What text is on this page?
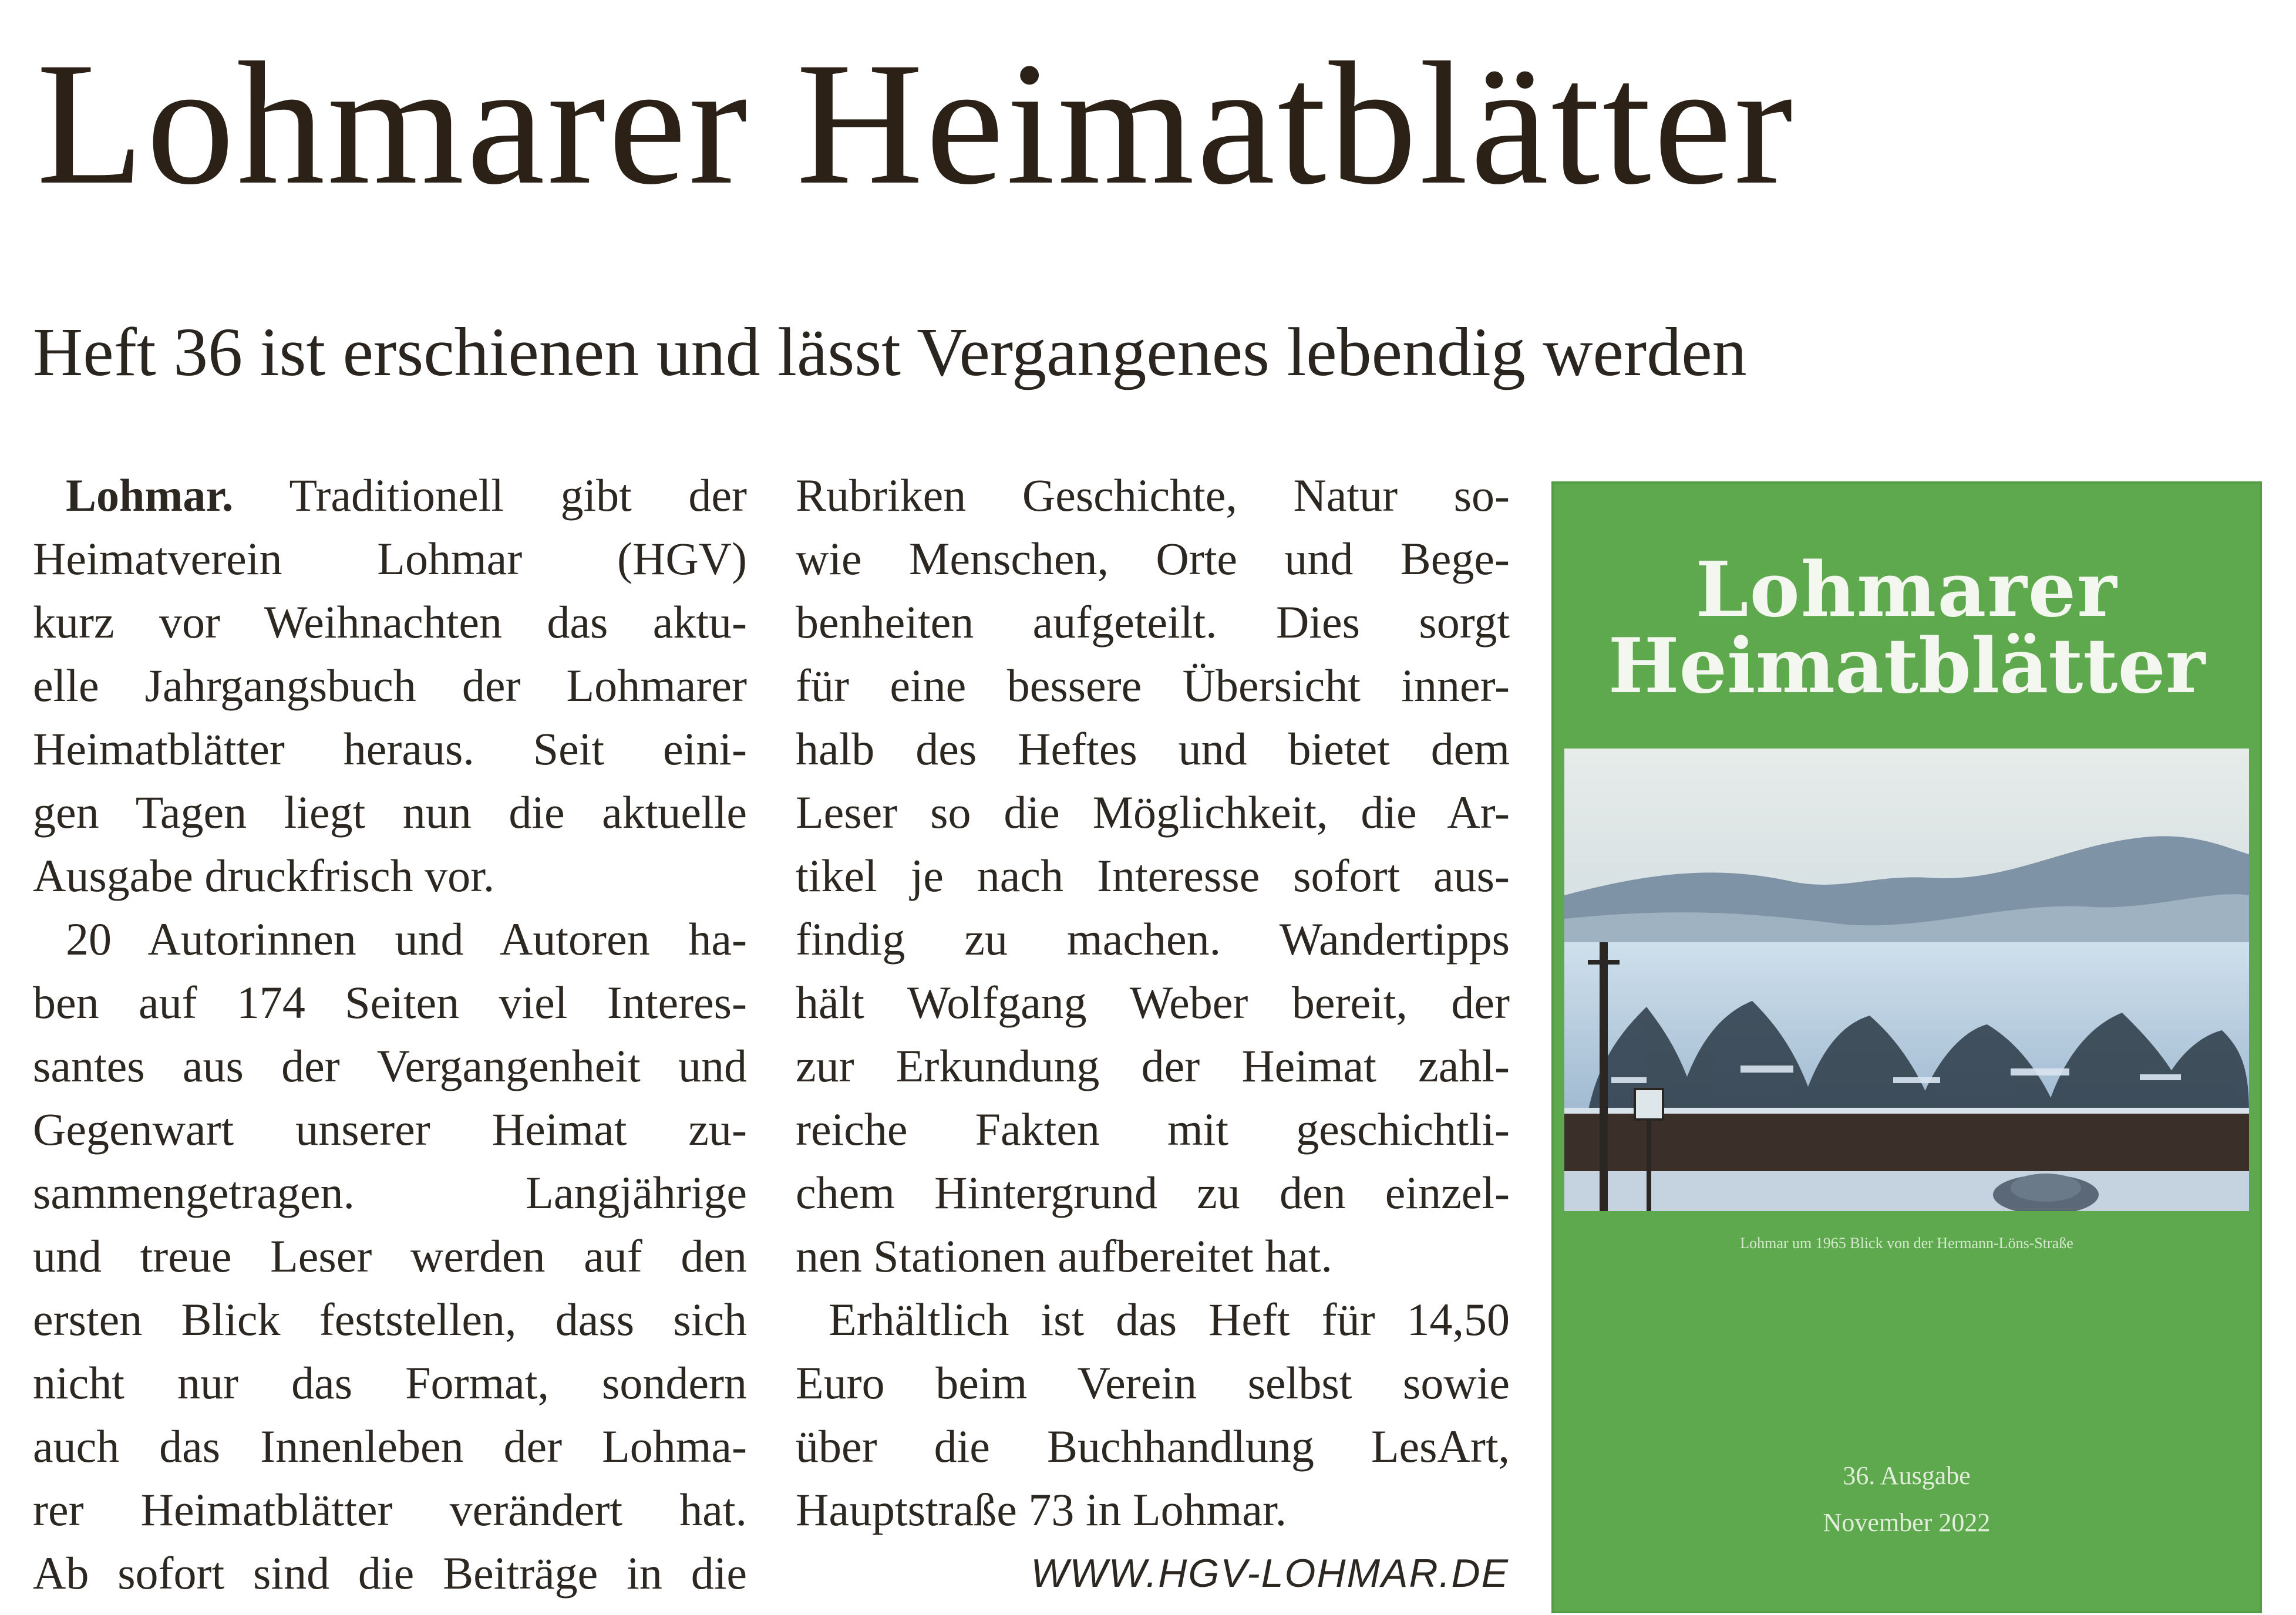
Lohmarer Heimatblätter
Heft 36 ist erschienen und lässt Vergangenes lebendig werden
Lohmar. Traditionell gibt der
Heimatverein Lohmar (HGV)
kurz vor Weihnachten das aktu-
elle Jahrgangsbuch der Lohmarer
Heimatblätter heraus. Seit eini-
gen Tagen liegt nun die aktuelle
Ausgabe druckfrisch vor.
20 Autorinnen und Autoren ha-
ben auf 174 Seiten viel Interes-
santes aus der Vergangenheit und
Gegenwart unserer Heimat zu-
sammengetragen. Langjährige
und treue Leser werden auf den
ersten Blick feststellen, dass sich
nicht nur das Format, sondern
auch das Innenleben der Lohma-
rer Heimatblätter verändert hat.
Ab sofort sind die Beiträge in die
Rubriken Geschichte, Natur so-
wie Menschen, Orte und Bege-
benheiten aufgeteilt. Dies sorgt
für eine bessere Übersicht inner-
halb des Heftes und bietet dem
Leser so die Möglichkeit, die Ar-
tikel je nach Interesse sofort aus-
findig zu machen. Wandertipps
hält Wolfgang Weber bereit, der
zur Erkundung der Heimat zahl-
reiche Fakten mit geschichtli-
chem Hintergrund zu den einzel-
nen Stationen aufbereitet hat.
Erhältlich ist das Heft für 14,50
Euro beim Verein selbst sowie
über die Buchhandlung LesArt,
Hauptstraße 73 in Lohmar.
WWW.HGV-LOHMAR.DE
Lohmarer
Heimatblätter
Lohmar um 1965 Blick von der Hermann-Löns-Straße
36. Ausgabe
November 2022
